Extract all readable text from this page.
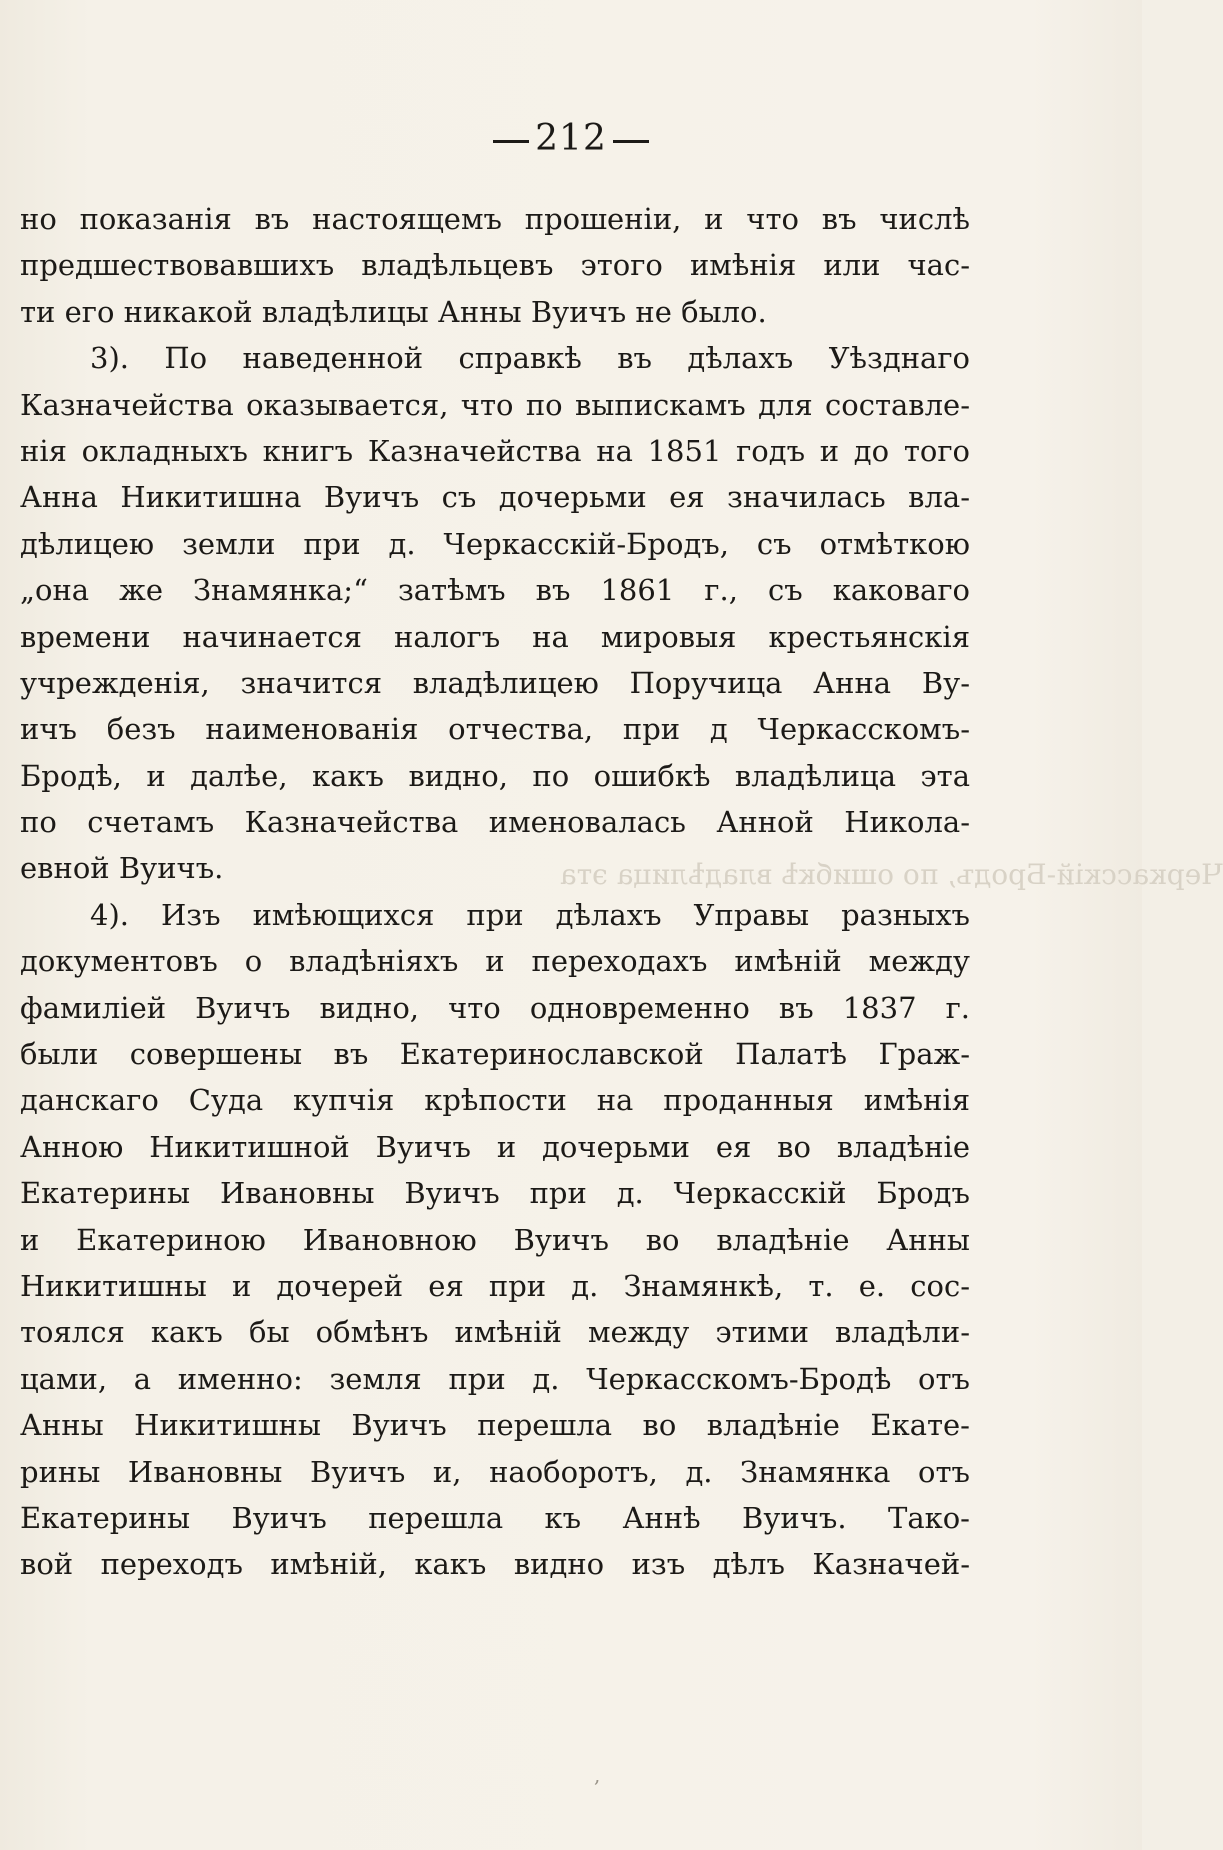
212
Черкасскій-Бродъ, по ошибкѣ владѣлица эта
,
но показанія въ настоящемъ прошеніи, и что въ числѣ
предшествовавшихъ владѣльцевъ этого имѣнія или час-
ти его никакой владѣлицы Анны Вуичъ не было.
3). По наведенной справкѣ въ дѣлахъ Уѣзднаго
Казначейства оказывается, что по выпискамъ для составле-
нія окладныхъ книгъ Казначейства на 1851 годъ и до того
Анна Никитишна Вуичъ съ дочерьми ея значилась вла-
дѣлицею земли при д. Черкасскій-Бродъ, съ отмѣткою
„она же Знамянка;“ затѣмъ въ 1861 г., съ каковаго
времени начинается налогъ на мировыя крестьянскія
учрежденія, значится владѣлицею Поручица Анна Ву-
ичъ безъ наименованія отчества, при д Черкасскомъ-
Бродѣ, и далѣе, какъ видно, по ошибкѣ владѣлица эта
по счетамъ Казначейства именовалась Анной Никола-
евной Вуичъ.
4). Изъ имѣющихся при дѣлахъ Управы разныхъ
документовъ о владѣніяхъ и переходахъ имѣній между
фамиліей Вуичъ видно, что одновременно въ 1837 г.
были совершены въ Екатеринославской Палатѣ Граж-
данскаго Суда купчія крѣпости на проданныя имѣнія
Анною Никитишной Вуичъ и дочерьми ея во владѣніе
Екатерины Ивановны Вуичъ при д. Черкасскій Бродъ
и Екатериною Ивановною Вуичъ во владѣніе Анны
Никитишны и дочерей ея при д. Знамянкѣ, т. е. сос-
тоялся какъ бы обмѣнъ имѣній между этими владѣли-
цами, а именно: земля при д. Черкасскомъ-Бродѣ отъ
Анны Никитишны Вуичъ перешла во владѣніе Екате-
рины Ивановны Вуичъ и, наоборотъ, д. Знамянка отъ
Екатерины Вуичъ перешла къ Аннѣ Вуичъ. Тако-
вой переходъ имѣній, какъ видно изъ дѣлъ Казначей-
